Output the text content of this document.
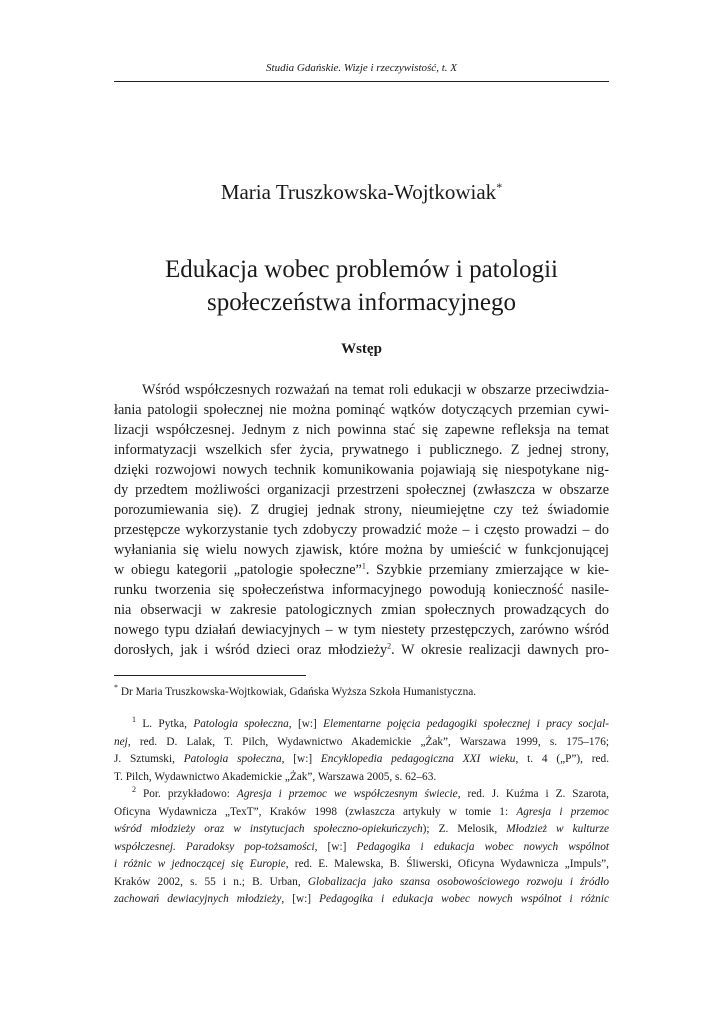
Studia Gdańskie. Wizje i rzeczywistość, t. X
Maria Truszkowska-Wojtkowiak*
Edukacja wobec problemów i patologii
społeczeństwa informacyjnego
Wstęp
Wśród współczesnych rozważań na temat roli edukacji w obszarze przeciwdzia-
łania patologii społecznej nie można pominąć wątków dotyczących przemian cywi-
lizacji współczesnej. Jednym z nich powinna stać się zapewne refleksja na temat
informatyzacji wszelkich sfer życia, prywatnego i publicznego. Z jednej strony,
dzięki rozwojowi nowych technik komunikowania pojawiają się niespotykane nig-
dy przedtem możliwości organizacji przestrzeni społecznej (zwłaszcza w obszarze
porozumiewania się). Z drugiej jednak strony, nieumiejętne czy też świadomie
przestępcze wykorzystanie tych zdobyczy prowadzić może – i często prowadzi – do
wyłaniania się wielu nowych zjawisk, które można by umieścić w funkcjonującej
w obiegu kategorii „patologie społeczne”$^1$. Szybkie przemiany zmierzające w kie-
runku tworzenia się społeczeństwa informacyjnego powodują konieczność nasile-
nia obserwacji w zakresie patologicznych zmian społecznych prowadzących do
nowego typu działań dewiacyjnych – w tym niestety przestępczych, zarówno wśród
dorosłych, jak i wśród dzieci oraz młodzieży$^2$. W okresie realizacji dawnych pro-
* Dr Maria Truszkowska-Wojtkowiak, Gdańska Wyższa Szkoła Humanistyczna.
$^1$ L. Pytka, Patologia społeczna, [w:] Elementarne pojęcia pedagogiki społecznej i pracy socjal-
nej, red. D. Lalak, T. Pilch, Wydawnictwo Akademickie „Żak”, Warszawa 1999, s. 175–176;
J. Sztumski, Patologia społeczna, [w:] Encyklopedia pedagogiczna XXI wieku, t. 4 („P”), red.
T. Pilch, Wydawnictwo Akademickie „Żak”, Warszawa 2005, s. 62–63.
$^2$ Por. przykładowo: Agresja i przemoc we współczesnym świecie, red. J. Kuźma i Z. Szarota,
Oficyna Wydawnicza „TexT”, Kraków 1998 (zwłaszcza artykuły w tomie 1: Agresja i przemoc
wśród młodzieży oraz w instytucjach społeczno-opiekuńczych); Z. Melosik, Młodzież w kulturze
współczesnej. Paradoksy pop-tożsamości, [w:] Pedagogika i edukacja wobec nowych wspólnot
i różnic w jednoczącej się Europie, red. E. Malewska, B. Śliwerski, Oficyna Wydawnicza „Impuls”,
Kraków 2002, s. 55 i n.; B. Urban, Globalizacja jako szansa osobowościowego rozwoju i źródło
zachowań dewiacyjnych młodzieży, [w:] Pedagogika i edukacja wobec nowych wspólnot i różnic
